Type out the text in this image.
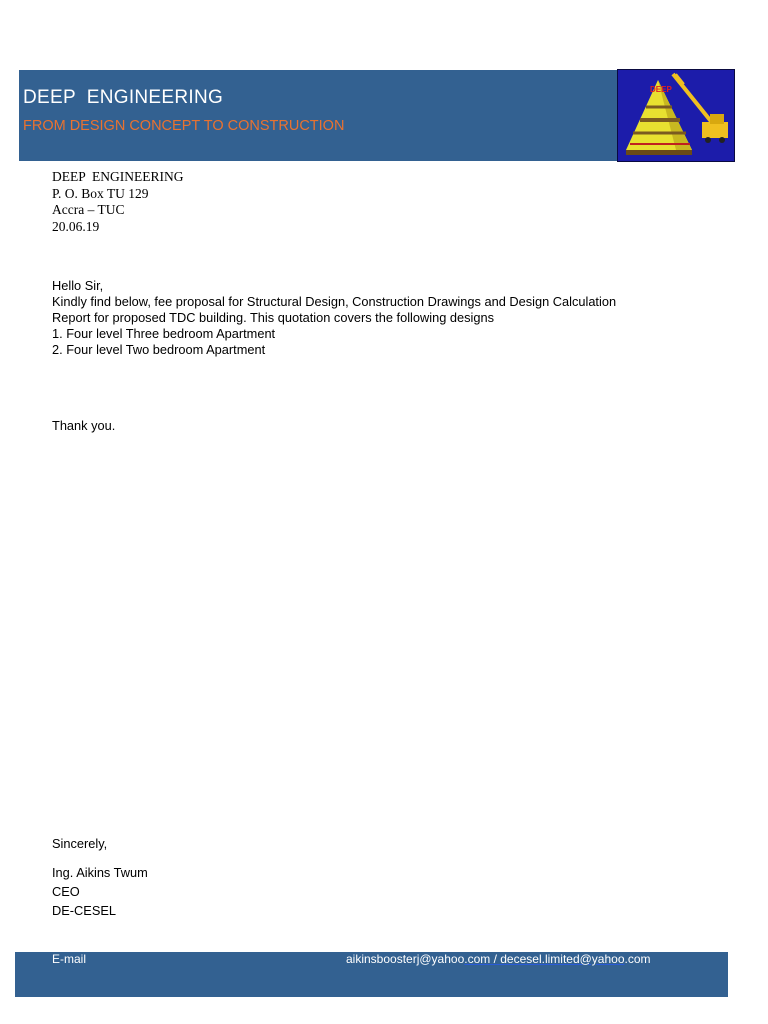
DEEP  ENGINEERING

FROM DESIGN CONCEPT TO CONSTRUCTION

DEEP
DEEP  ENGINEERING
P. O. Box TU 129
Accra – TUC
20.06.19
Hello Sir,
Kindly find below, fee proposal for Structural Design, Construction Drawings and Design Calculation
Report for proposed TDC building. This quotation covers the following designs
1. Four level Three bedroom Apartment
2. Four level Two bedroom Apartment
Thank you.
Sincerely,
Ing. Aikins Twum
CEO
DE-CESEL
E-mail	aikinsboosterj@yahoo.com / decesel.limited@yahoo.com
